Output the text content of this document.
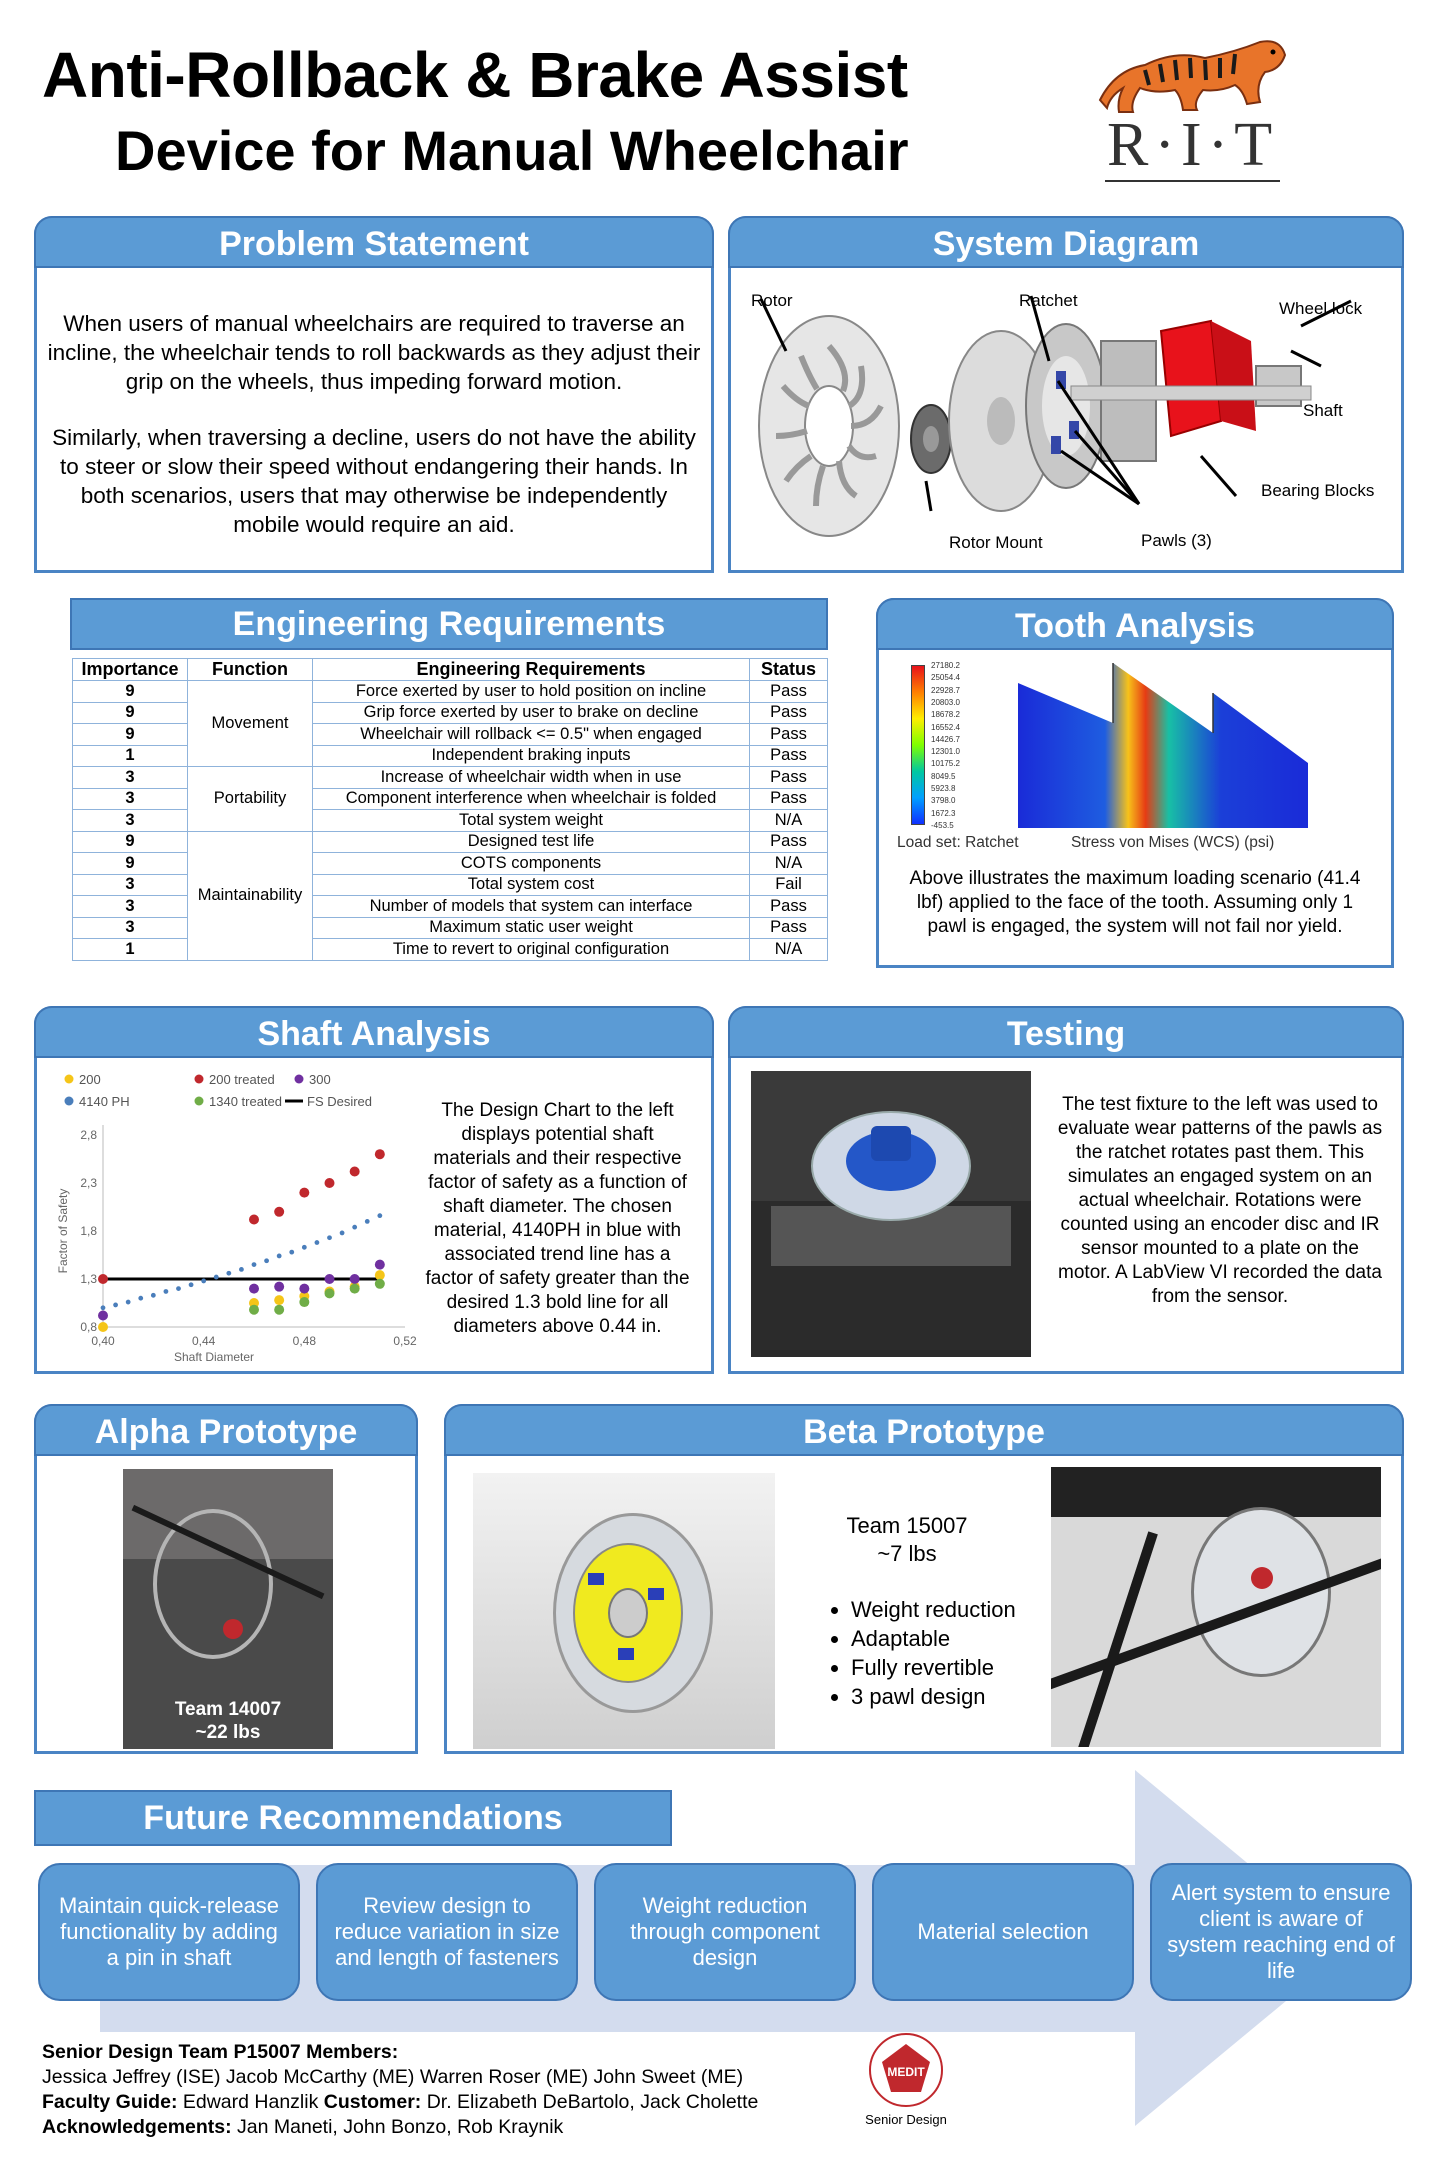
Anti-Rollback & Brake Assist
Device for Manual Wheelchair	R·I·T
Problem Statement
When users of manual wheelchairs are required to traverse an incline, the wheelchair tends to roll backwards as they adjust their grip on the wheels, thus impeding forward motion.
Similarly, when traversing a decline, users do not have the ability to steer or slow their speed without endangering their hands. In both scenarios, users that may otherwise be independently mobile would require an aid.
System Diagram
Rotor	Ratchet	Wheel lock
Shaft
Bearing Blocks
Rotor Mount	Pawls (3)
Engineering Requirements
Importance	Function	Engineering Requirements	Status
9	Movement	Force exerted by user to hold position on incline	Pass
9		Grip force exerted by user to brake on decline	Pass
9		Wheelchair will rollback <= 0.5" when engaged	Pass
1		Independent braking inputs	Pass
3	Portability	Increase of wheelchair width when in use	Pass
3		Component interference when wheelchair is folded	Pass
3		Total system weight	N/A
9	Maintainability	Designed test life	Pass
9		COTS components	N/A
3		Total system cost	Fail
3		Number of models that system can interface	Pass
3		Maximum static user weight	Pass
1		Time to revert to original configuration	N/A
Tooth Analysis
27180.2
25054.4
22928.7
20803.0
18678.2
16552.4
14426.7
12301.0
10175.2
8049.5
5923.8
3798.0
1672.3
-453.5
Load set: Ratchet	Stress von Mises (WCS) (psi)
Above illustrates the maximum loading scenario (41.4 lbf) applied to the face of the tooth. Assuming only 1 pawl is engaged, the system will not fail nor yield.
Shaft Analysis
200	200 treated	300
4140 PH	1340 treated FS Desired
0,8
1,3
1,8
2,3
2,8
0,40	0,44	0,48	0,52
Shaft Diameter
Factor of Safety
The Design Chart to the left displays potential shaft materials and their respective factor of safety as a function of shaft diameter. The chosen material, 4140PH in blue with associated trend line has a factor of safety greater than the desired 1.3 bold line for all diameters above 0.44 in.
Testing
The test fixture to the left was used to evaluate wear patterns of the pawls as the ratchet rotates past them. This simulates an engaged system on an actual wheelchair. Rotations were counted using an encoder disc and IR sensor mounted to a plate on the motor. A LabView VI recorded the data from the sensor.
Alpha Prototype
Team 14007
~22 lbs
Beta Prototype
Team 15007
~7 lbs
• Weight reduction
• Adaptable
• Fully revertible
• 3 pawl design
Future Recommendations
Maintain quick-release functionality by adding a pin in shaft
Review design to reduce variation in size and length of fasteners
Weight reduction through component design
Material selection
Alert system to ensure client is aware of system reaching end of life
Senior Design Team P15007 Members:
Jessica Jeffrey (ISE) Jacob McCarthy (ME) Warren Roser (ME) John Sweet (ME)
Faculty Guide: Edward Hanzlik Customer: Dr. Elizabeth DeBartolo, Jack Cholette
Acknowledgements: Jan Maneti, John Bonzo, Rob Kraynik
MEDIT
Senior Design
